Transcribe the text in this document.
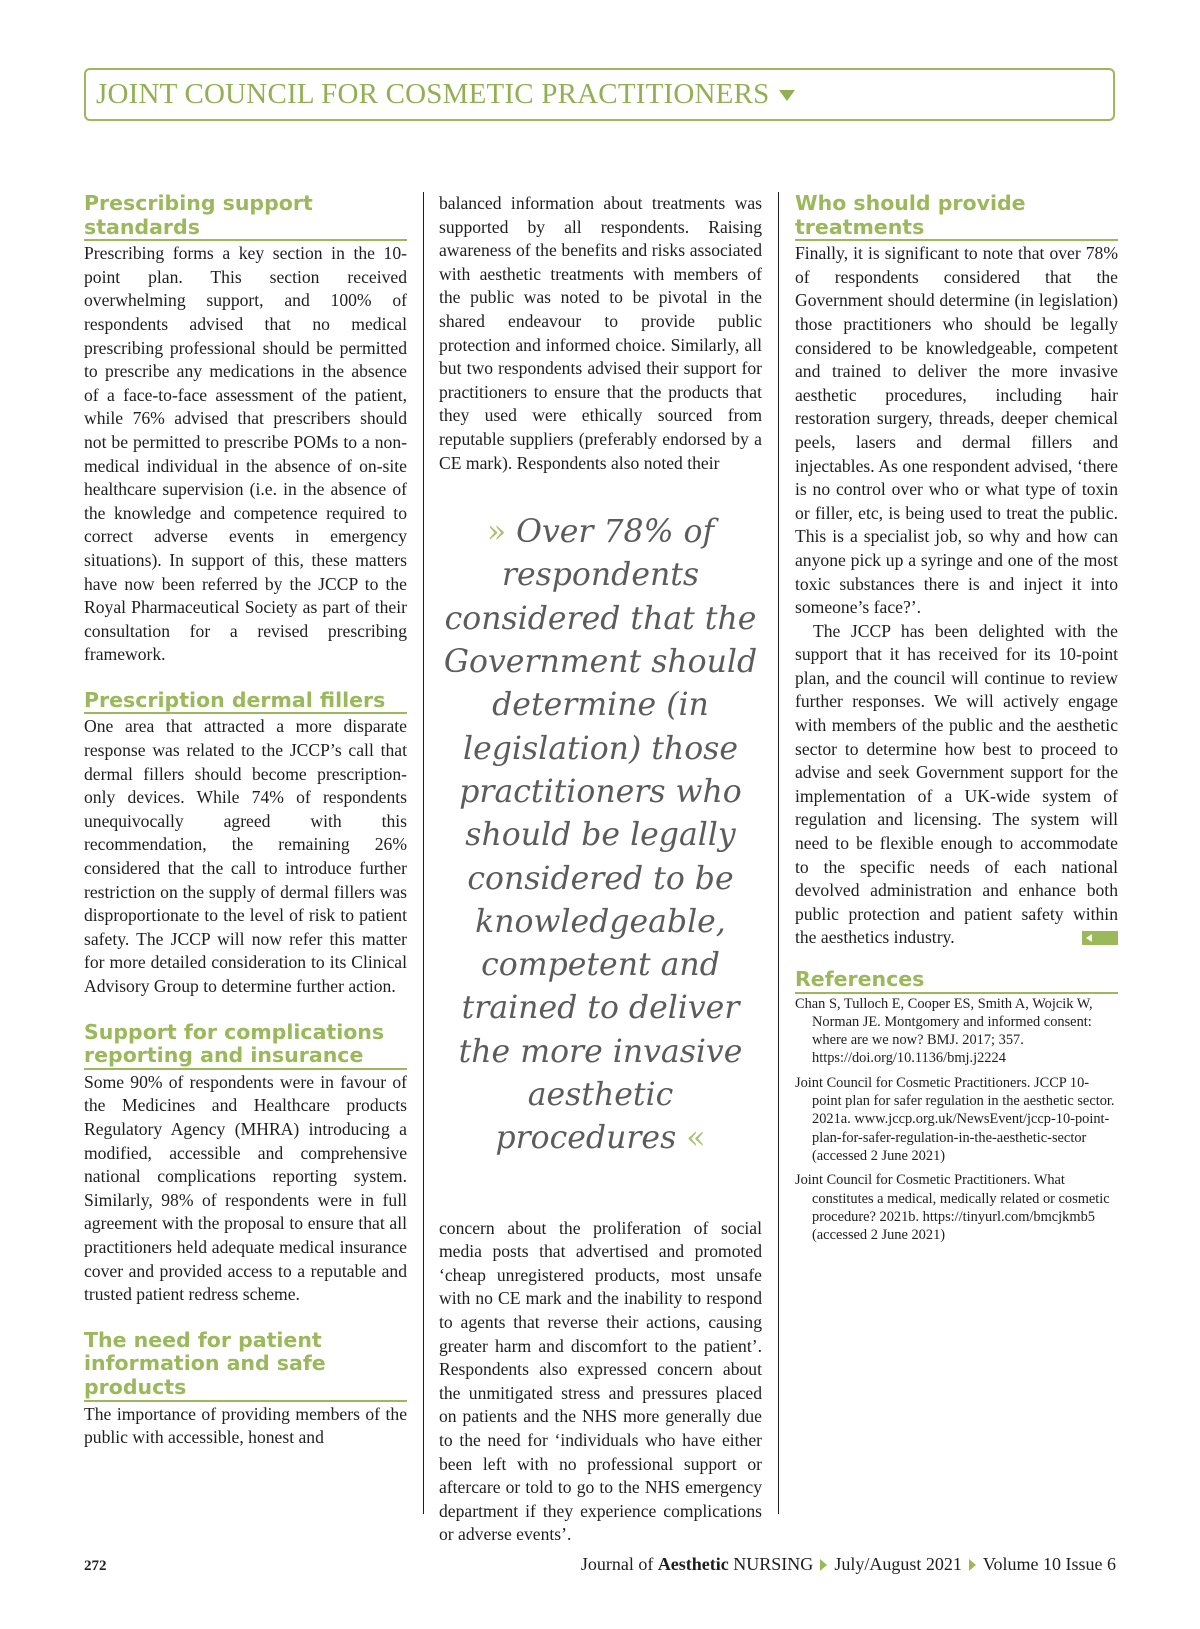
JOINT COUNCIL FOR COSMETIC PRACTITIONERS
Prescribing support standards

Prescribing forms a key section in the 10-point plan. This section received overwhelming support, and 100% of respondents advised that no medical prescribing professional should be permitted to prescribe any medications in the absence of a face-to-face assessment of the patient, while 76% advised that prescribers should not be permitted to prescribe POMs to a non-medical individual in the absence of on-site healthcare supervision (i.e. in the absence of the knowledge and competence required to correct adverse events in emergency situations). In support of this, these matters have now been referred by the JCCP to the Royal Pharmaceutical Society as part of their consultation for a revised prescribing framework.

Prescription dermal fillers

One area that attracted a more disparate response was related to the JCCP’s call that dermal fillers should become prescription-only devices. While 74% of respondents unequivocally agreed with this recommendation, the remaining 26% considered that the call to introduce further restriction on the supply of dermal fillers was disproportionate to the level of risk to patient safety. The JCCP will now refer this matter for more detailed consideration to its Clinical Advisory Group to determine further action.

Support for complications reporting and insurance

Some 90% of respondents were in favour of the Medicines and Healthcare products Regulatory Agency (MHRA) introducing a modified, accessible and comprehensive national complications reporting system. Similarly, 98% of respondents were in full agreement with the proposal to ensure that all practitioners held adequate medical insurance cover and provided access to a reputable and trusted patient redress scheme.

The need for patient information and safe products

The importance of providing members of the public with accessible, honest and

balanced information about treatments was supported by all respondents. Raising awareness of the benefits and risks associated with aesthetic treatments with members of the public was noted to be pivotal in the shared endeavour to provide public protection and informed choice. Similarly, all but two respondents advised their support for practitioners to ensure that the products that they used were ethically sourced from reputable suppliers (preferably endorsed by a CE mark). Respondents also noted their

» Over 78% of respondents considered that the Government should determine (in legislation) those practitioners who should be legally considered to be knowledgeable, competent and trained to deliver the more invasive aesthetic procedures «

concern about the proliferation of social media posts that advertised and promoted ‘cheap unregistered products, most unsafe with no CE mark and the inability to respond to agents that reverse their actions, causing greater harm and discomfort to the patient’. Respondents also expressed concern about the unmitigated stress and pressures placed on patients and the NHS more generally due to the need for ‘individuals who have either been left with no professional support or aftercare or told to go to the NHS emergency department if they experience complications or adverse events’.

Who should provide treatments

Finally, it is significant to note that over 78% of respondents considered that the Government should determine (in legislation) those practitioners who should be legally considered to be knowledgeable, competent and trained to deliver the more invasive aesthetic procedures, including hair restoration surgery, threads, deeper chemical peels, lasers and dermal fillers and injectables. As one respondent advised, ‘there is no control over who or what type of toxin or filler, etc, is being used to treat the public. This is a specialist job, so why and how can anyone pick up a syringe and one of the most toxic substances there is and inject it into someone’s face?’.

The JCCP has been delighted with the support that it has received for its 10-point plan, and the council will continue to review further responses. We will actively engage with members of the public and the aesthetic sector to determine how best to proceed to advise and seek Government support for the implementation of a UK-wide system of regulation and licensing. The system will need to be flexible enough to accommodate to the specific needs of each national devolved administration and enhance both public protection and patient safety within the aesthetics industry.

References
Chan S, Tulloch E, Cooper ES, Smith A, Wojcik W, Norman JE. Montgomery and informed consent: where are we now? BMJ. 2017; 357. https://doi.org/10.1136/bmj.j2224
Joint Council for Cosmetic Practitioners. JCCP 10-point plan for safer regulation in the aesthetic sector. 2021a. www.jccp.org.uk/NewsEvent/jccp-10-point-plan-for-safer-regulation-in-the-aesthetic-sector (accessed 2 June 2021)
Joint Council for Cosmetic Practitioners. What constitutes a medical, medically related or cosmetic procedure? 2021b. https://tinyurl.com/bmcjkmb5 (accessed 2 June 2021)
272	Journal of
Aesthetic
NURSING July/August 2021 Volume 10 Issue 6
